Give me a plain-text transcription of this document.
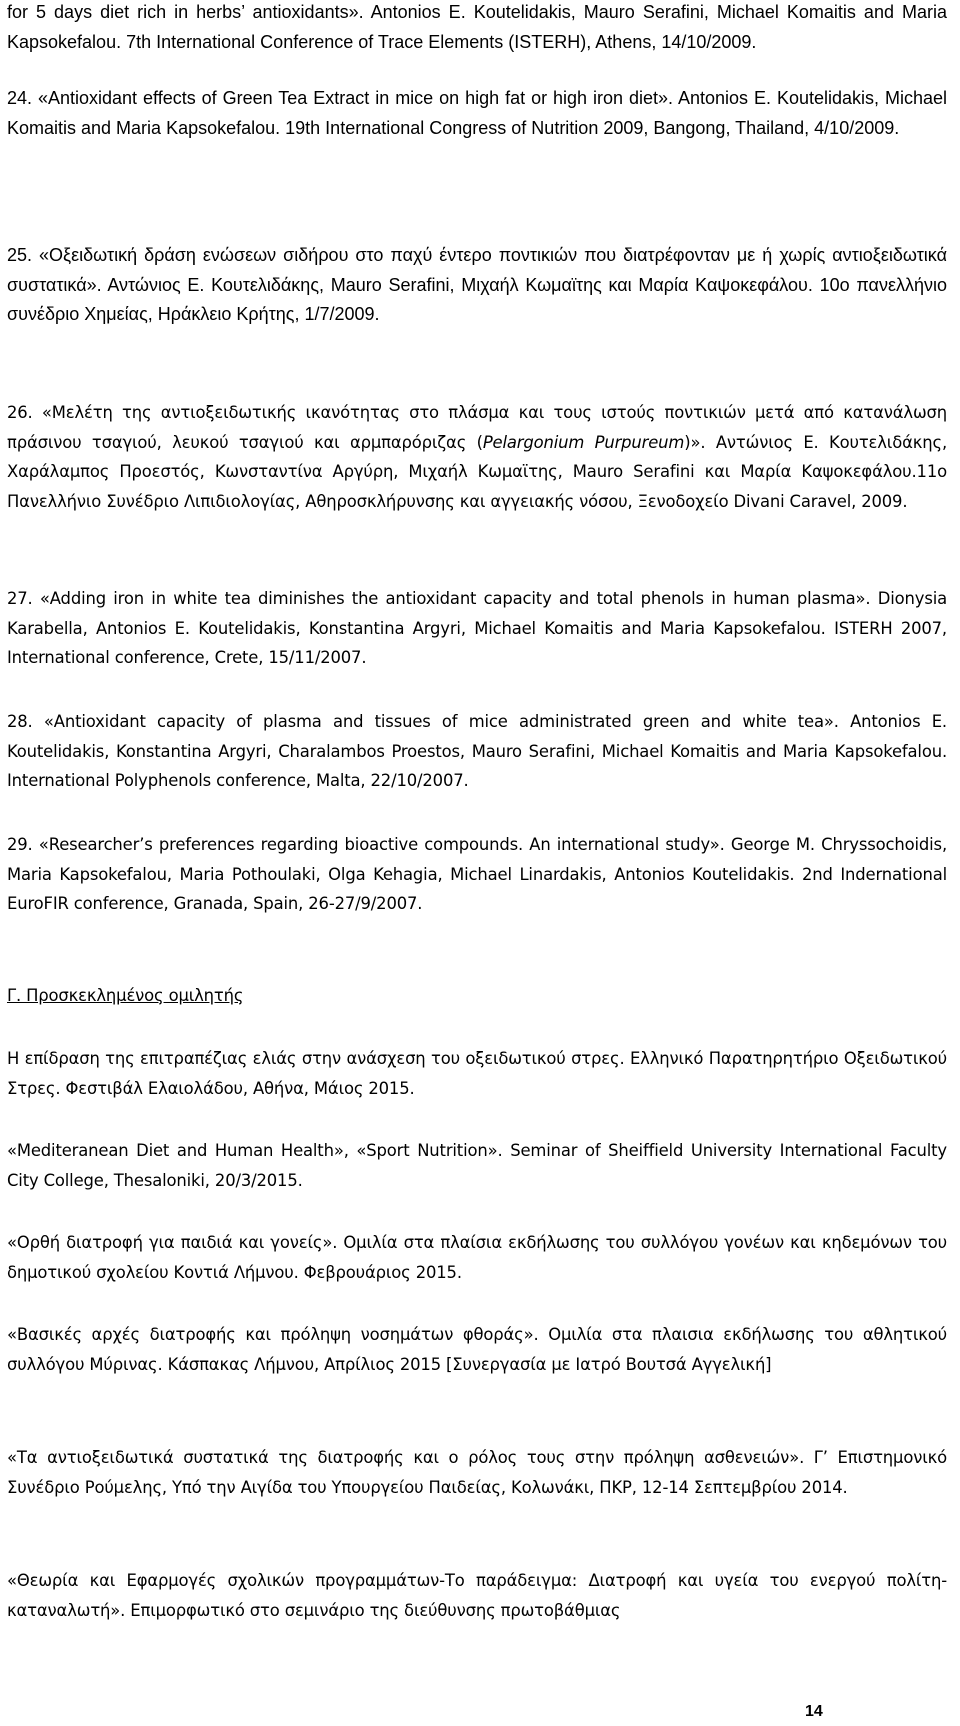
for 5 days diet rich in herbs’ antioxidants». Antonios E. Koutelidakis, Mauro Serafini, Michael Komaitis and Maria Kapsokefalou. 7th International Conference of Trace Elements (ISTERH), Athens, 14/10/2009.

24. «Antioxidant effects of Green Tea Extract in mice on high fat or high iron diet». Antonios E. Koutelidakis, Michael Komaitis and Maria Kapsokefalou. 19th International Congress of Nutrition 2009, Bangong, Thailand, 4/10/2009.

25. «Οξειδωτική δράση ενώσεων σιδήρου στο παχύ έντερο ποντικιών που διατρέφονταν με ή χωρίς αντιοξειδωτικά συστατικά». Αντώνιος Ε. Κουτελιδάκης, Mauro Serafini, Μιχαήλ Κωμαϊτης και Μαρία Καψοκεφάλου. 10ο πανελλήνιο συνέδριο Χημείας, Ηράκλειο Κρήτης, 1/7/2009.

26. «Μελέτη της αντιοξειδωτικής ικανότητας στο πλάσμα και τους ιστούς ποντικιών μετά από κατανάλωση πράσινου τσαγιού, λευκού τσαγιού και αρμπαρόριζας (Pelargonium Purpureum)». Αντώνιος Ε. Κουτελιδάκης, Χαράλαμπος Προεστός, Κωνσταντίνα Αργύρη, Μιχαήλ Κωμαϊτης, Mauro Serafini και Μαρία Καψοκεφάλου.11ο Πανελλήνιο Συνέδριο Λιπιδιολογίας, Αθηροσκλήρυνσης και αγγειακής νόσου, Ξενοδοχείο Divani Caravel, 2009.

27. «Adding iron in white tea diminishes the antioxidant capacity and total phenols in human plasma». Dionysia Karabella, Antonios E. Koutelidakis, Konstantina Argyri, Michael Komaitis and Maria Kapsokefalou. ISTERH 2007, International conference, Crete, 15/11/2007.

28. «Antioxidant capacity of plasma and tissues of mice administrated green and white tea». Antonios E. Koutelidakis, Konstantina Argyri, Charalambos Proestos, Mauro Serafini, Michael Komaitis and Maria Kapsokefalou. International Polyphenols conference, Malta, 22/10/2007.

29. «Researcher’s preferences regarding bioactive compounds. An international study». George M. Chryssochoidis, Maria Kapsokefalou, Maria Pothoulaki, Olga Kehagia, Michael Linardakis, Antonios Koutelidakis. 2nd Indernational EuroFIR conference, Granada, Spain, 26-27/9/2007.

Γ. Προσκεκλημένος ομιλητής

Η επίδραση της επιτραπέζιας ελιάς στην ανάσχεση του οξειδωτικού στρες. Ελληνικό Παρατηρητήριο Οξειδωτικού Στρες. Φεστιβάλ Ελαιολάδου, Αθήνα, Μάιος 2015.

«Mediteranean Diet and Human Health», «Sport Nutrition». Seminar of Sheiffield University International Faculty City College, Thesaloniki, 20/3/2015.

«Ορθή διατροφή για παιδιά και γονείς». Ομιλία στα πλαίσια εκδήλωσης του συλλόγου γονέων και κηδεμόνων του δημοτικού σχολείου Κοντιά Λήμνου. Φεβρουάριος 2015.

«Βασικές αρχές διατροφής και πρόληψη νοσημάτων φθοράς». Ομιλία στα πλαισια εκδήλωσης του αθλητικού συλλόγου Μύρινας. Κάσπακας Λήμνου, Απρίλιος 2015 [Συνεργασία με Ιατρό Βουτσά Αγγελική]

«Τα αντιοξειδωτικά συστατικά της διατροφής και ο ρόλος τους στην πρόληψη ασθενειών». Γ’ Επιστημονικό Συνέδριο Ρούμελης, Υπό την Αιγίδα του Υπουργείου Παιδείας, Κολωνάκι, ΠΚΡ, 12-14 Σεπτεμβρίου 2014.

«Θεωρία και Εφαρμογές σχολικών προγραμμάτων-Το παράδειγμα: Διατροφή και υγεία του ενεργού πολίτη-καταναλωτή». Επιμορφωτικό στο σεμινάριο της διεύθυνσης πρωτοβάθμιας

14
